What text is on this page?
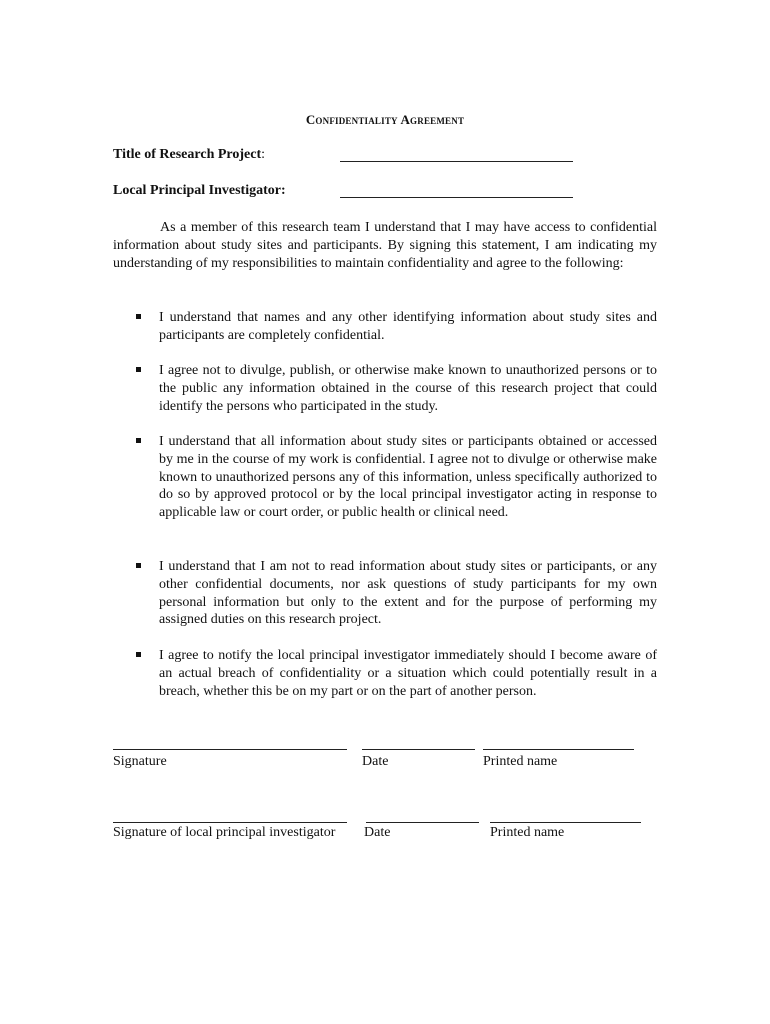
Confidentiality Agreement
Title of Research Project:
Local Principal Investigator:
As a member of this research team I understand that I may have access to confidential information about study sites and participants. By signing this statement, I am indicating my understanding of my responsibilities to maintain confidentiality and agree to the following:
I understand that names and any other identifying information about study sites and participants are completely confidential.
I agree not to divulge, publish, or otherwise make known to unauthorized persons or to the public any information obtained in the course of this research project that could identify the persons who participated in the study.
I understand that all information about study sites or participants obtained or accessed by me in the course of my work is confidential. I agree not to divulge or otherwise make known to unauthorized persons any of this information, unless specifically authorized to do so by approved protocol or by the local principal investigator acting in response to applicable law or court order, or public health or clinical need.
I understand that I am not to read information about study sites or participants, or any other confidential documents, nor ask questions of study participants for my own personal information but only to the extent and for the purpose of performing my assigned duties on this research project.
I agree to notify the local principal investigator immediately should I become aware of an actual breach of confidentiality or a situation which could potentially result in a breach, whether this be on my part or on the part of another person.
Signature	Date	Printed name
Signature of local principal investigator Date	Printed name
